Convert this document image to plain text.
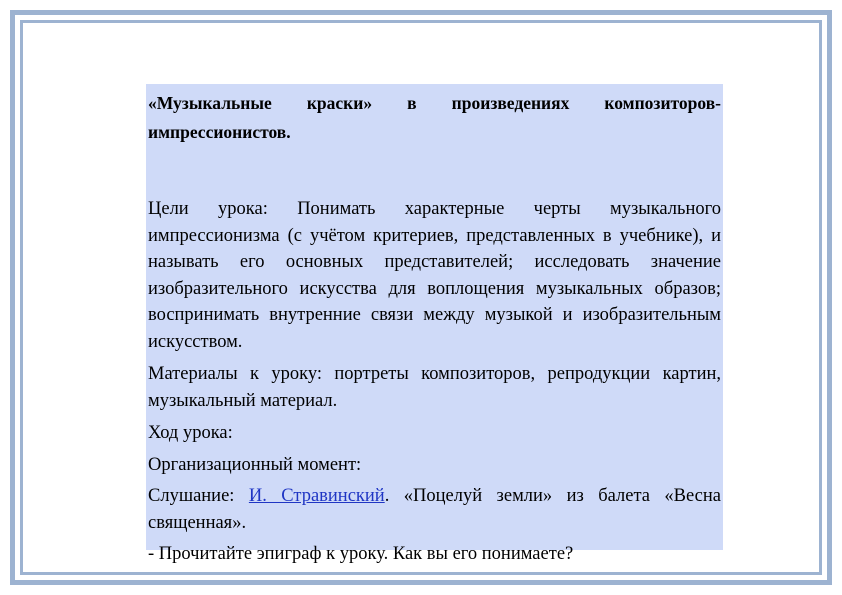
«Музыкальные краски» в произведениях композиторов-импрессионистов.

Цели урока: Понимать характерные черты музыкального импрессионизма (с учётом критериев, представленных в учебнике), и называть его основных представителей; исследовать значение изобразительного искусства для воплощения музыкальных образов; воспринимать внутренние связи между музыкой и изобразительным искусством.

Материалы к уроку: портреты композиторов, репродукции картин, музыкальный материал.

Ход урока:

Организационный момент:

Слушание: И. Стравинский. «Поцелуй земли» из балета «Весна священная».

- Прочитайте эпиграф к уроку. Как вы его понимаете?
